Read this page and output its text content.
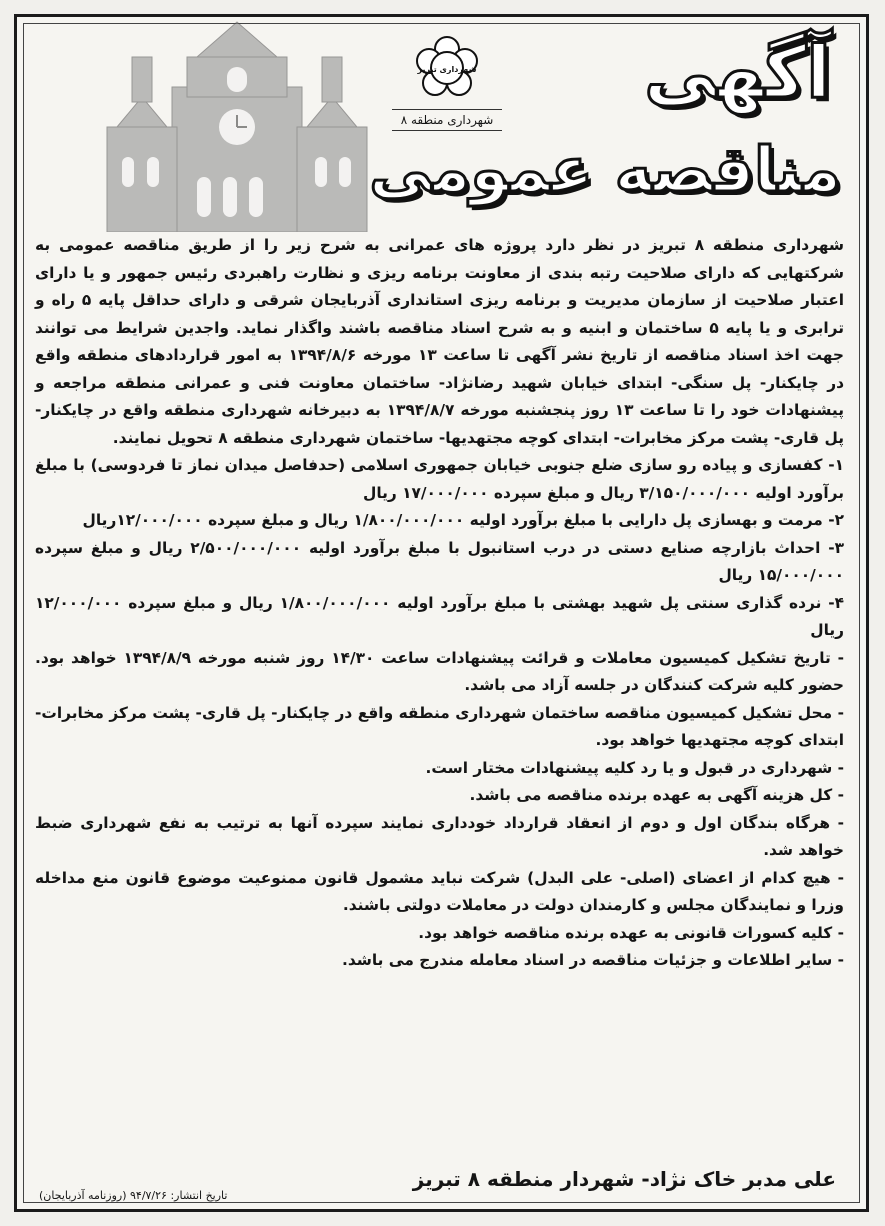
شهرداری تبریز
شهرداری منطقه ۸
آگهی
مناقصه عمومی

شهرداری منطقه ۸ تبریز در نظر دارد پروژه های عمرانی به شرح زیر را از طریق مناقصه عمومی به شرکتهایی که دارای صلاحیت رتبه بندی از معاونت برنامه ریزی و نظارت راهبردی رئیس جمهور و یا دارای اعتبار صلاحیت از سازمان مدیریت و برنامه ریزی استانداری آذربایجان شرقی و دارای حداقل پایه ۵ راه و ترابری و یا پایه ۵ ساختمان و ابنیه و به شرح اسناد مناقصه باشند واگذار نماید. واجدین شرایط می توانند جهت اخذ اسناد مناقصه از تاریخ نشر آگهی تا ساعت ۱۳ مورخه ۱۳۹۴/۸/۶ به امور قراردادهای منطقه واقع در چایکنار- پل سنگی- ابتدای خیابان شهید رضانژاد- ساختمان معاونت فنی و عمرانی منطقه مراجعه و پیشنهادات خود را تا ساعت ۱۳ روز پنجشنبه مورخه ۱۳۹۴/۸/۷ به دبیرخانه شهرداری منطقه واقع در چایکنار- پل قاری- پشت مرکز مخابرات- ابتدای کوچه مجتهدیها- ساختمان شهرداری منطقه ۸ تحویل نمایند.

۱- کفسازی و پیاده رو سازی ضلع جنوبی خیابان جمهوری اسلامی (حدفاصل میدان نماز تا فردوسی) با مبلغ برآورد اولیه ۳/۱۵۰/۰۰۰/۰۰۰ ریال و مبلغ سپرده ۱۷/۰۰۰/۰۰۰ ریال

۲- مرمت و بهسازی پل دارایی با مبلغ برآورد اولیه ۱/۸۰۰/۰۰۰/۰۰۰ ریال و مبلغ سپرده ۱۲/۰۰۰/۰۰۰ریال

۳- احداث بازارچه صنایع دستی در درب استانبول با مبلغ برآورد اولیه ۲/۵۰۰/۰۰۰/۰۰۰ ریال و مبلغ سپرده ۱۵/۰۰۰/۰۰۰ ریال

۴- نرده گذاری سنتی پل شهید بهشتی با مبلغ برآورد اولیه ۱/۸۰۰/۰۰۰/۰۰۰ ریال و مبلغ سپرده ۱۲/۰۰۰/۰۰۰ ریال

- تاریخ تشکیل کمیسیون معاملات و قرائت پیشنهادات ساعت ۱۴/۳۰ روز شنبه مورخه ۱۳۹۴/۸/۹ خواهد بود. حضور کلیه شرکت کنندگان در جلسه آزاد می باشد.

- محل تشکیل کمیسیون مناقصه ساختمان شهرداری منطقه واقع در چایکنار- پل قاری- پشت مرکز مخابرات- ابتدای کوچه مجتهدیها خواهد بود.

- شهرداری در قبول و یا رد کلیه پیشنهادات مختار است.

- کل هزینه آگهی به عهده برنده مناقصه می باشد.

- هرگاه بندگان اول و دوم از انعقاد قرارداد خودداری نمایند سپرده آنها به ترتیب به نفع شهرداری ضبط خواهد شد.

- هیچ کدام از اعضای (اصلی- علی البدل) شرکت نباید مشمول قانون ممنوعیت موضوع قانون منع مداخله وزرا و نمایندگان مجلس و کارمندان دولت در معاملات دولتی باشند.

- کلیه کسورات قانونی به عهده برنده مناقصه خواهد بود.

- سایر اطلاعات و جزئیات مناقصه در اسناد معامله مندرج می باشد.

علی مدبر خاک نژاد- شهردار منطقه ۸ تبریز
تاریخ انتشار: ۹۴/۷/۲۶ (روزنامه آذربایجان)
